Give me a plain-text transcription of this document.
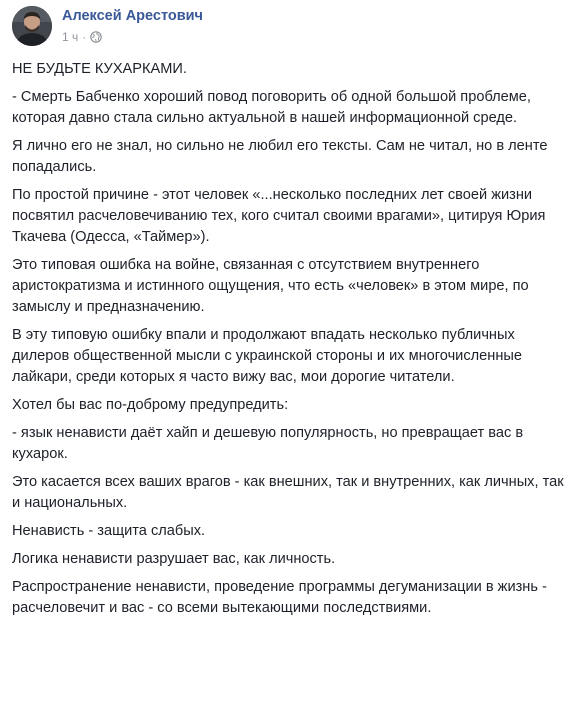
Алексей Арестович
1 ч ·

НЕ БУДЬТЕ КУХАРКАМИ.

- Смерть Бабченко хороший повод поговорить об одной большой проблеме, которая давно стала сильно актуальной в нашей информационной среде.

Я лично его не знал, но сильно не любил его тексты. Сам не читал, но в ленте попадались.

По простой причине - этот человек «...несколько последних лет своей жизни посвятил расчеловечиванию тех, кого считал своими врагами», цитируя Юрия Ткачева (Одесса, «Таймер»).

Это типовая ошибка на войне, связанная с отсутствием внутреннего аристократизма и истинного ощущения, что есть «человек» в этом мире, по замыслу и предназначению.

В эту типовую ошибку впали и продолжают впадать несколько публичных дилеров общественной мысли с украинской стороны и их многочисленные лайкари, среди которых я часто вижу вас, мои дорогие читатели.

Хотел бы вас по-доброму предупредить:

- язык ненависти даёт хайп и дешевую популярность, но превращает вас в кухарок.

Это касается всех ваших врагов - как внешних, так и внутренних, как личных, так и национальных.

Ненависть - защита слабых.

Логика ненависти разрушает вас, как личность.

Распространение ненависти, проведение программы дегуманизации в жизнь - расчеловечит и вас - со всеми вытекающими последствиями.
